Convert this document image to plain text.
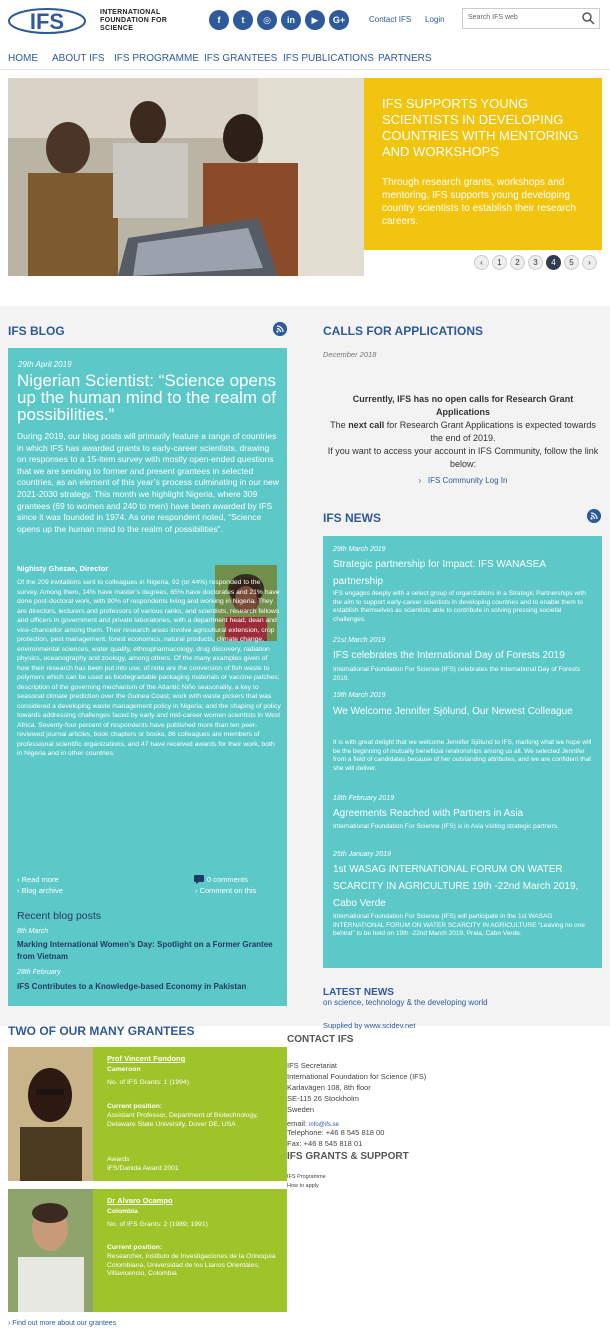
IFS	INTERNATIONAL
FOUNDATION FOR
SCIENCE
f	t	◎	in	▶	G+	Contact IFS Login	Search IFS web
HOME ABOUT IFS IFS PROGRAMME IFS GRANTEES IFS PUBLICATIONS PARTNERS
IFS SUPPORTS YOUNG SCIENTISTS IN DEVELOPING COUNTRIES WITH MENTORING AND WORKSHOPS
Through research grants, workshops and mentoring, IFS supports young developing country scientists to establish their research careers.
‹	1	2	3	4	5	›
IFS BLOG
29th April 2019
Nigerian Scientist: “Science opens up the human mind to the realm of possibilities.”
During 2019, our blog posts will primarily feature a range of countries in which IFS has awarded grants to early-career scientists, drawing on responses to a 15-item survey with mostly open-ended questions that we are sending to former and present grantees in selected countries, as an element of this year’s process culminating in our new 2021-2030 strategy. This month we highlight Nigeria, where 309 grantees (69 to women and 240 to men) have been awarded by IFS since it was founded in 1974. As one respondent noted, “Science opens up the human mind to the realm of possibilities”.
Nighisty Ghezae, Director
Of the 209 invitations sent to colleagues in Nigeria, 92 (or 44%) responded to the survey. Among them, 14% have master’s degrees, 65% have doctorates and 21% have done post-doctoral work, with 90% of respondents living and working in Nigeria. They are directors, lecturers and professors of various ranks, and scientists, research fellows and officers in government and private laboratories, with a department head, dean and vice-chancellor among them. Their research areas involve agricultural extension, crop protection, pest management, forest economics, natural products, climate change, environmental sciences, water quality, ethnopharmacology, drug discovery, radiation physics, oceanography and zoology, among others. Of the many examples given of how their research has been put into use, of note are the conversion of fish waste to polymers which can be used as biodegradable packaging materials or vaccine patches; description of the governing mechanism of the Atlantic Niño seasonality, a key to seasonal climate prediction over the Guinea Coast; work with waste pickers that was considered a developing waste management policy in Nigeria; and the shaping of policy towards addressing challenges faced by early and mid-career women scientists in West Africa. Seventy-four percent of respondents have published more than ten peer-reviewed journal articles, book chapters or books, 86 colleagues are members of professional scientific organizations, and 47 have received awards for their work, both in Nigeria and in other countries.
› Read more
› Blog archive
0 comments
› Comment on this
Recent blog posts
8th March
Marking International Women’s Day: Spotlight on a Former Grantee from Vietnam
28th February
IFS Contributes to a Knowledge-based Economy in Pakistan
CALLS FOR APPLICATIONS
December 2018
Currently, IFS has no open calls for Research Grant Applications
The next call for Research Grant Applications is expected towards the end of 2019.
If you want to access your account in IFS Community, follow the link below:
›   IFS Community Log In
IFS NEWS
29th March 2019
Strategic partnership for Impact: IFS WANASEA partnership
IFS engages deeply with a select group of organizations in a Strategic Partnerships with the aim to support early-career scientists in developing countries and to enable them to establish themselves as scientists able to contribute in solving pressing societal challenges.
21st March 2019
IFS celebrates the International Day of Forests 2019
International Foundation For Science (IFS) celebrates the International Day of Forests 2019.
19th March 2019
We Welcome Jennifer Sjölund, Our Newest Colleague
It is with great delight that we welcome Jennifer Sjölund to IFS, marking what we hope will be the beginning of mutually beneficial relationships among us all. We selected Jennifer from a field of candidates because of her outstanding attributes, and we are confident that she will deliver.
18th February 2019
Agreements Reached with Partners in Asia
International Foundation For Science (IFS) is in Asia visiting strategic partners.
25th January 2019
1st WASAG INTERNATIONAL FORUM ON WATER SCARCITY IN AGRICULTURE 19th -22nd March 2019, Cabo Verde
International Foundation For Science (IFS) will participate in the 1st WASAG INTERNATIONAL FORUM ON WATER SCARCITY IN AGRICULTURE “Leaving no one behind” to be held on 19th -22nd March 2019, Praia, Cabo Verde.
LATEST NEWS
on science, technology & the developing world
Supplied by www.scidev.net
TWO OF OUR MANY GRANTEES
Prof Vincent Fondong
Cameroon
No. of IFS Grants: 1 (1994)
Current position:
Assistant Professor, Department of Biotechnology, Delaware State University, Dover DE, USA
Awards
IFS/Danida Award 2001
Dr Alvaro Ocampo
Colombia
No. of IFS Grants: 2 (1989; 1991)
Current position:
Researcher, Instituto de Investigaciones de la Orinoquia Colombiana, Universidad de los Llanos Orientales, Villavicencio, Colombia
› Find out more about our grantees
CONTACT IFS
IFS Secretariat
International Foundation for Science (IFS)
Karlavägen 108, 8th floor
SE-115 26 Stockholm
Sweden
email: info@ifs.se
Telephone: +46 8 545 818 00
Fax: +46 8 545 818 01
IFS GRANTS & SUPPORT
IFS Programme
How to apply
